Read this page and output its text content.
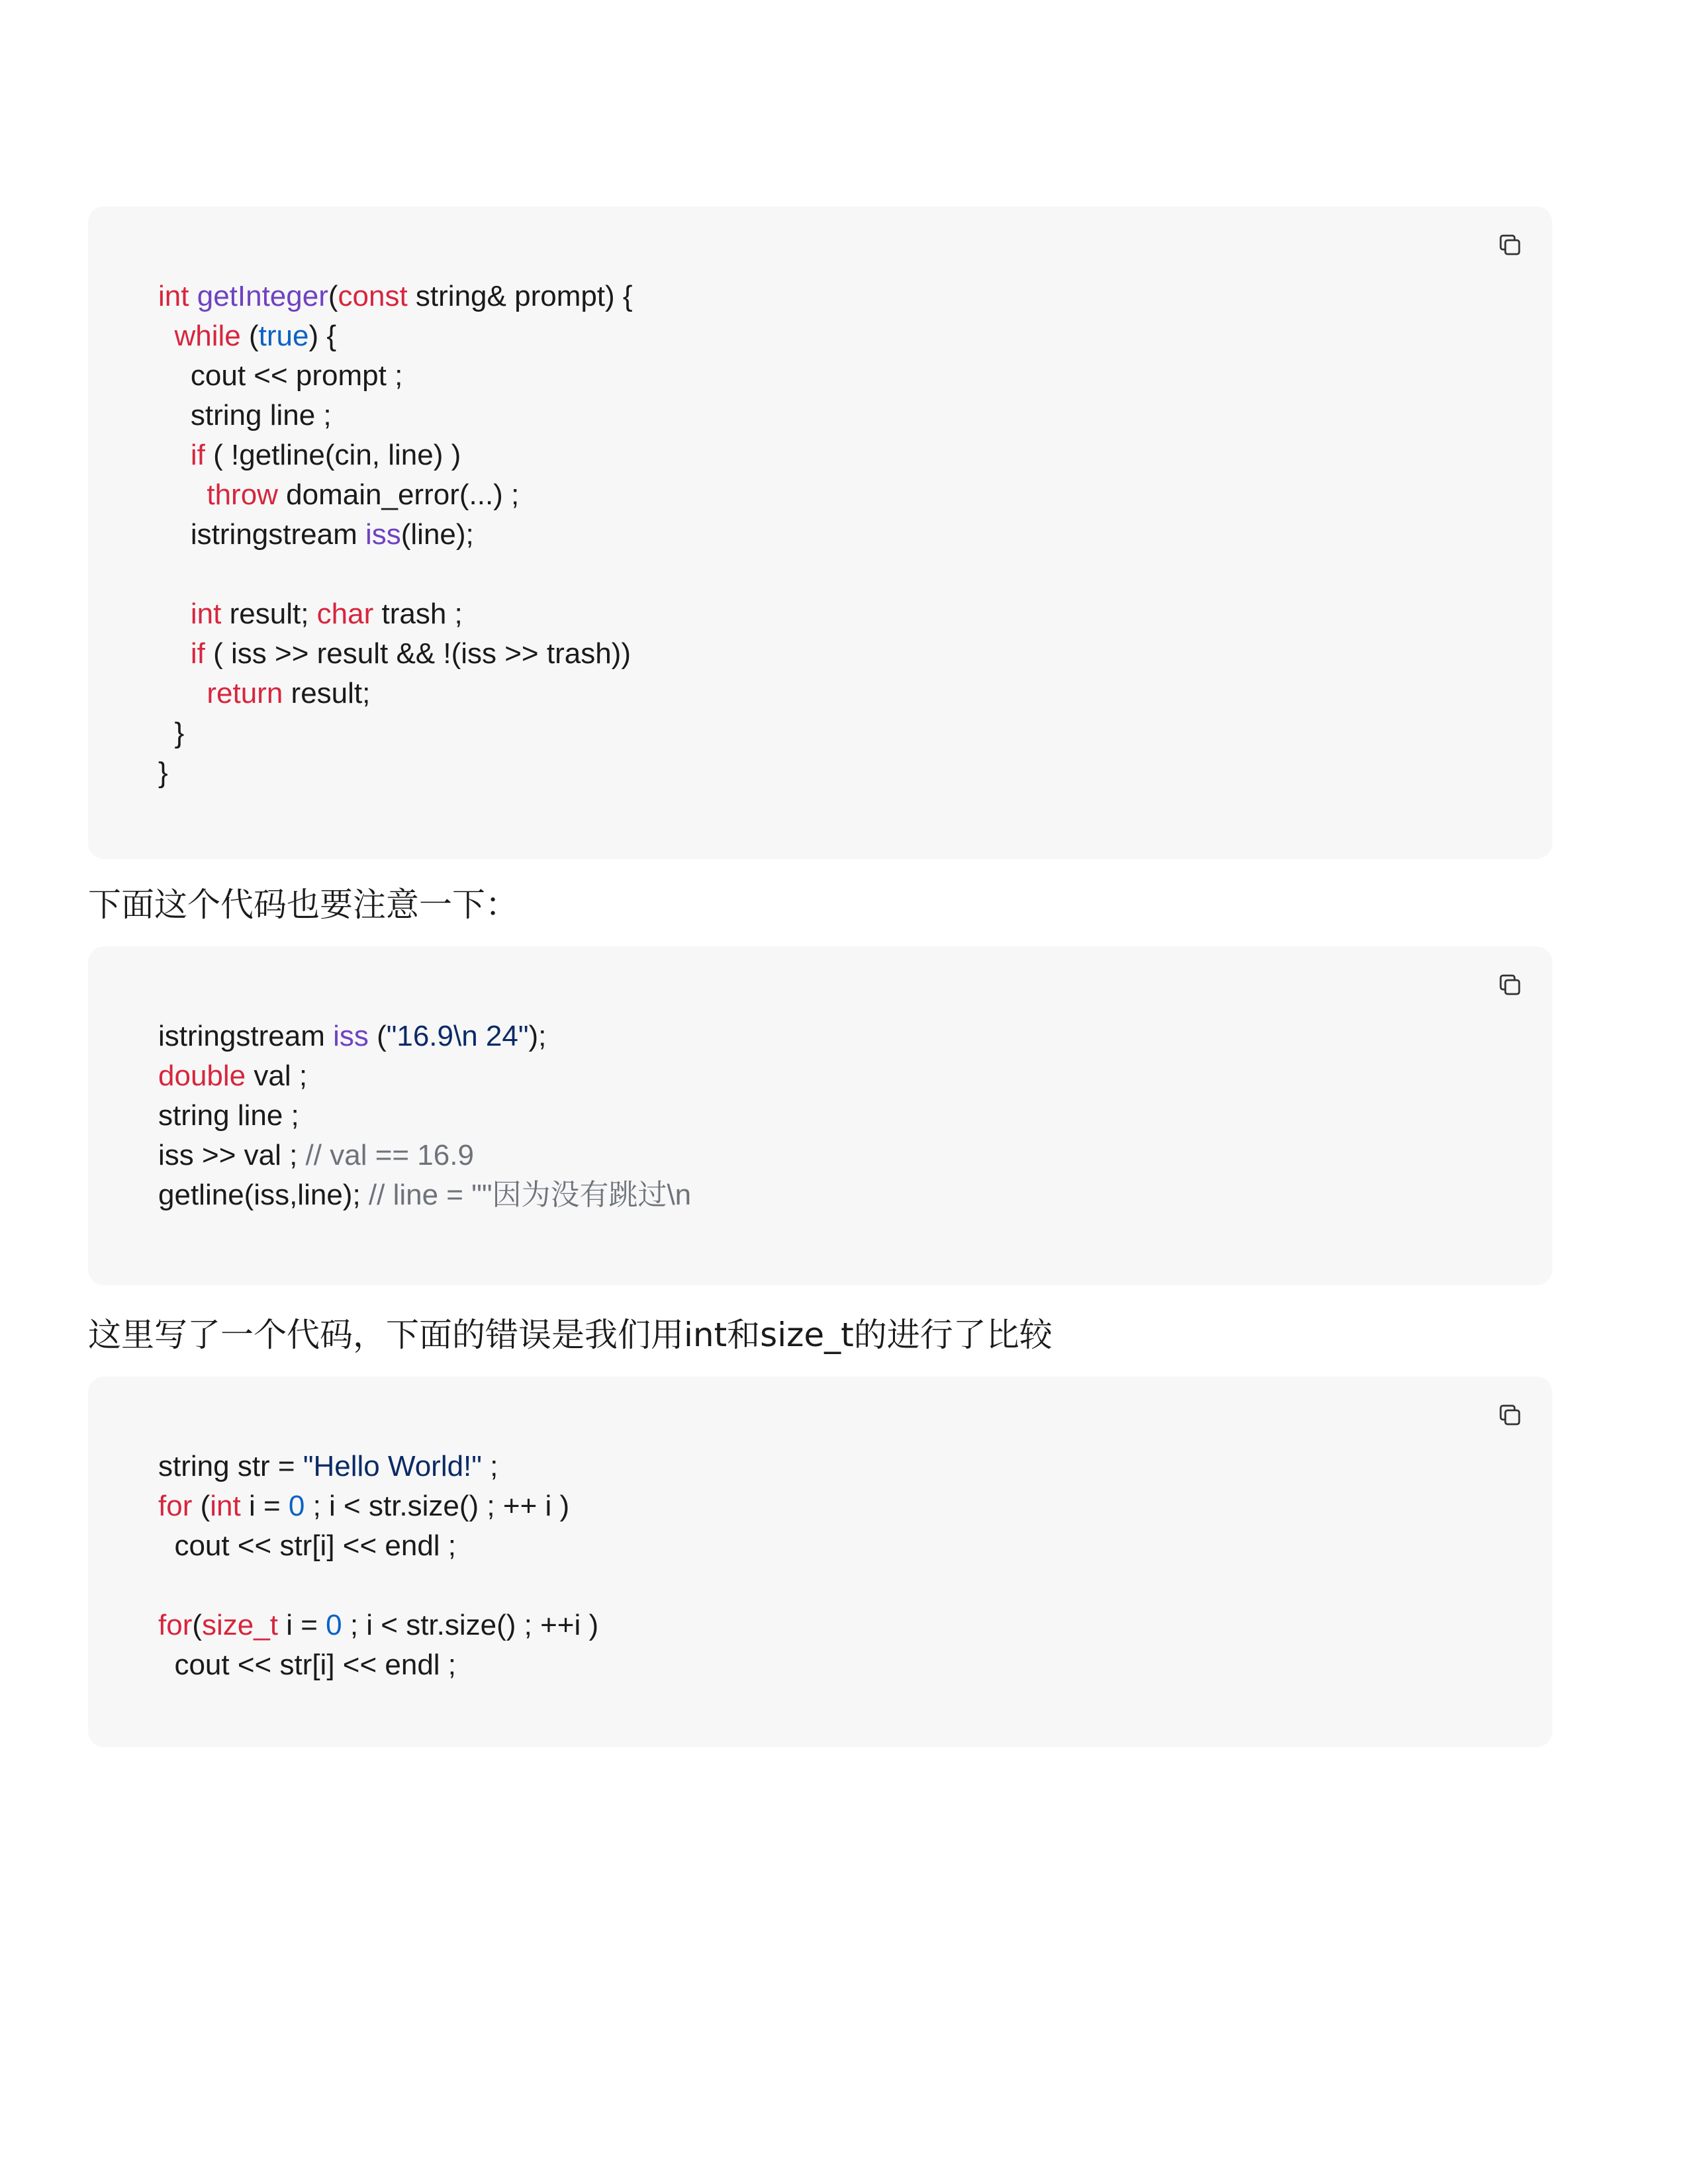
int getInteger(const string& prompt) {
while (true) {
cout << prompt ;
string line ;
if ( !getline(cin, line) )
throw domain_error(...) ;
istringstream iss(line);
int result; char trash ;
if ( iss >> result && !(iss >> trash))
return result;
}
}
下面这个代码也要注意一下：
istringstream iss ("16.9\n 24");
double val ;
string line ;
iss >> val ; // val == 16.9
getline(iss,line); // line = ""因为没有跳过\n
这里写了一个代码，下面的错误是我们用int和size_t的进行了比较
string str = "Hello World!" ;
for (int i = 0 ; i < str.size() ; ++ i )
cout << str[i] << endl ;
for(size_t i = 0 ; i < str.size() ; ++i )
cout << str[i] << endl ;
